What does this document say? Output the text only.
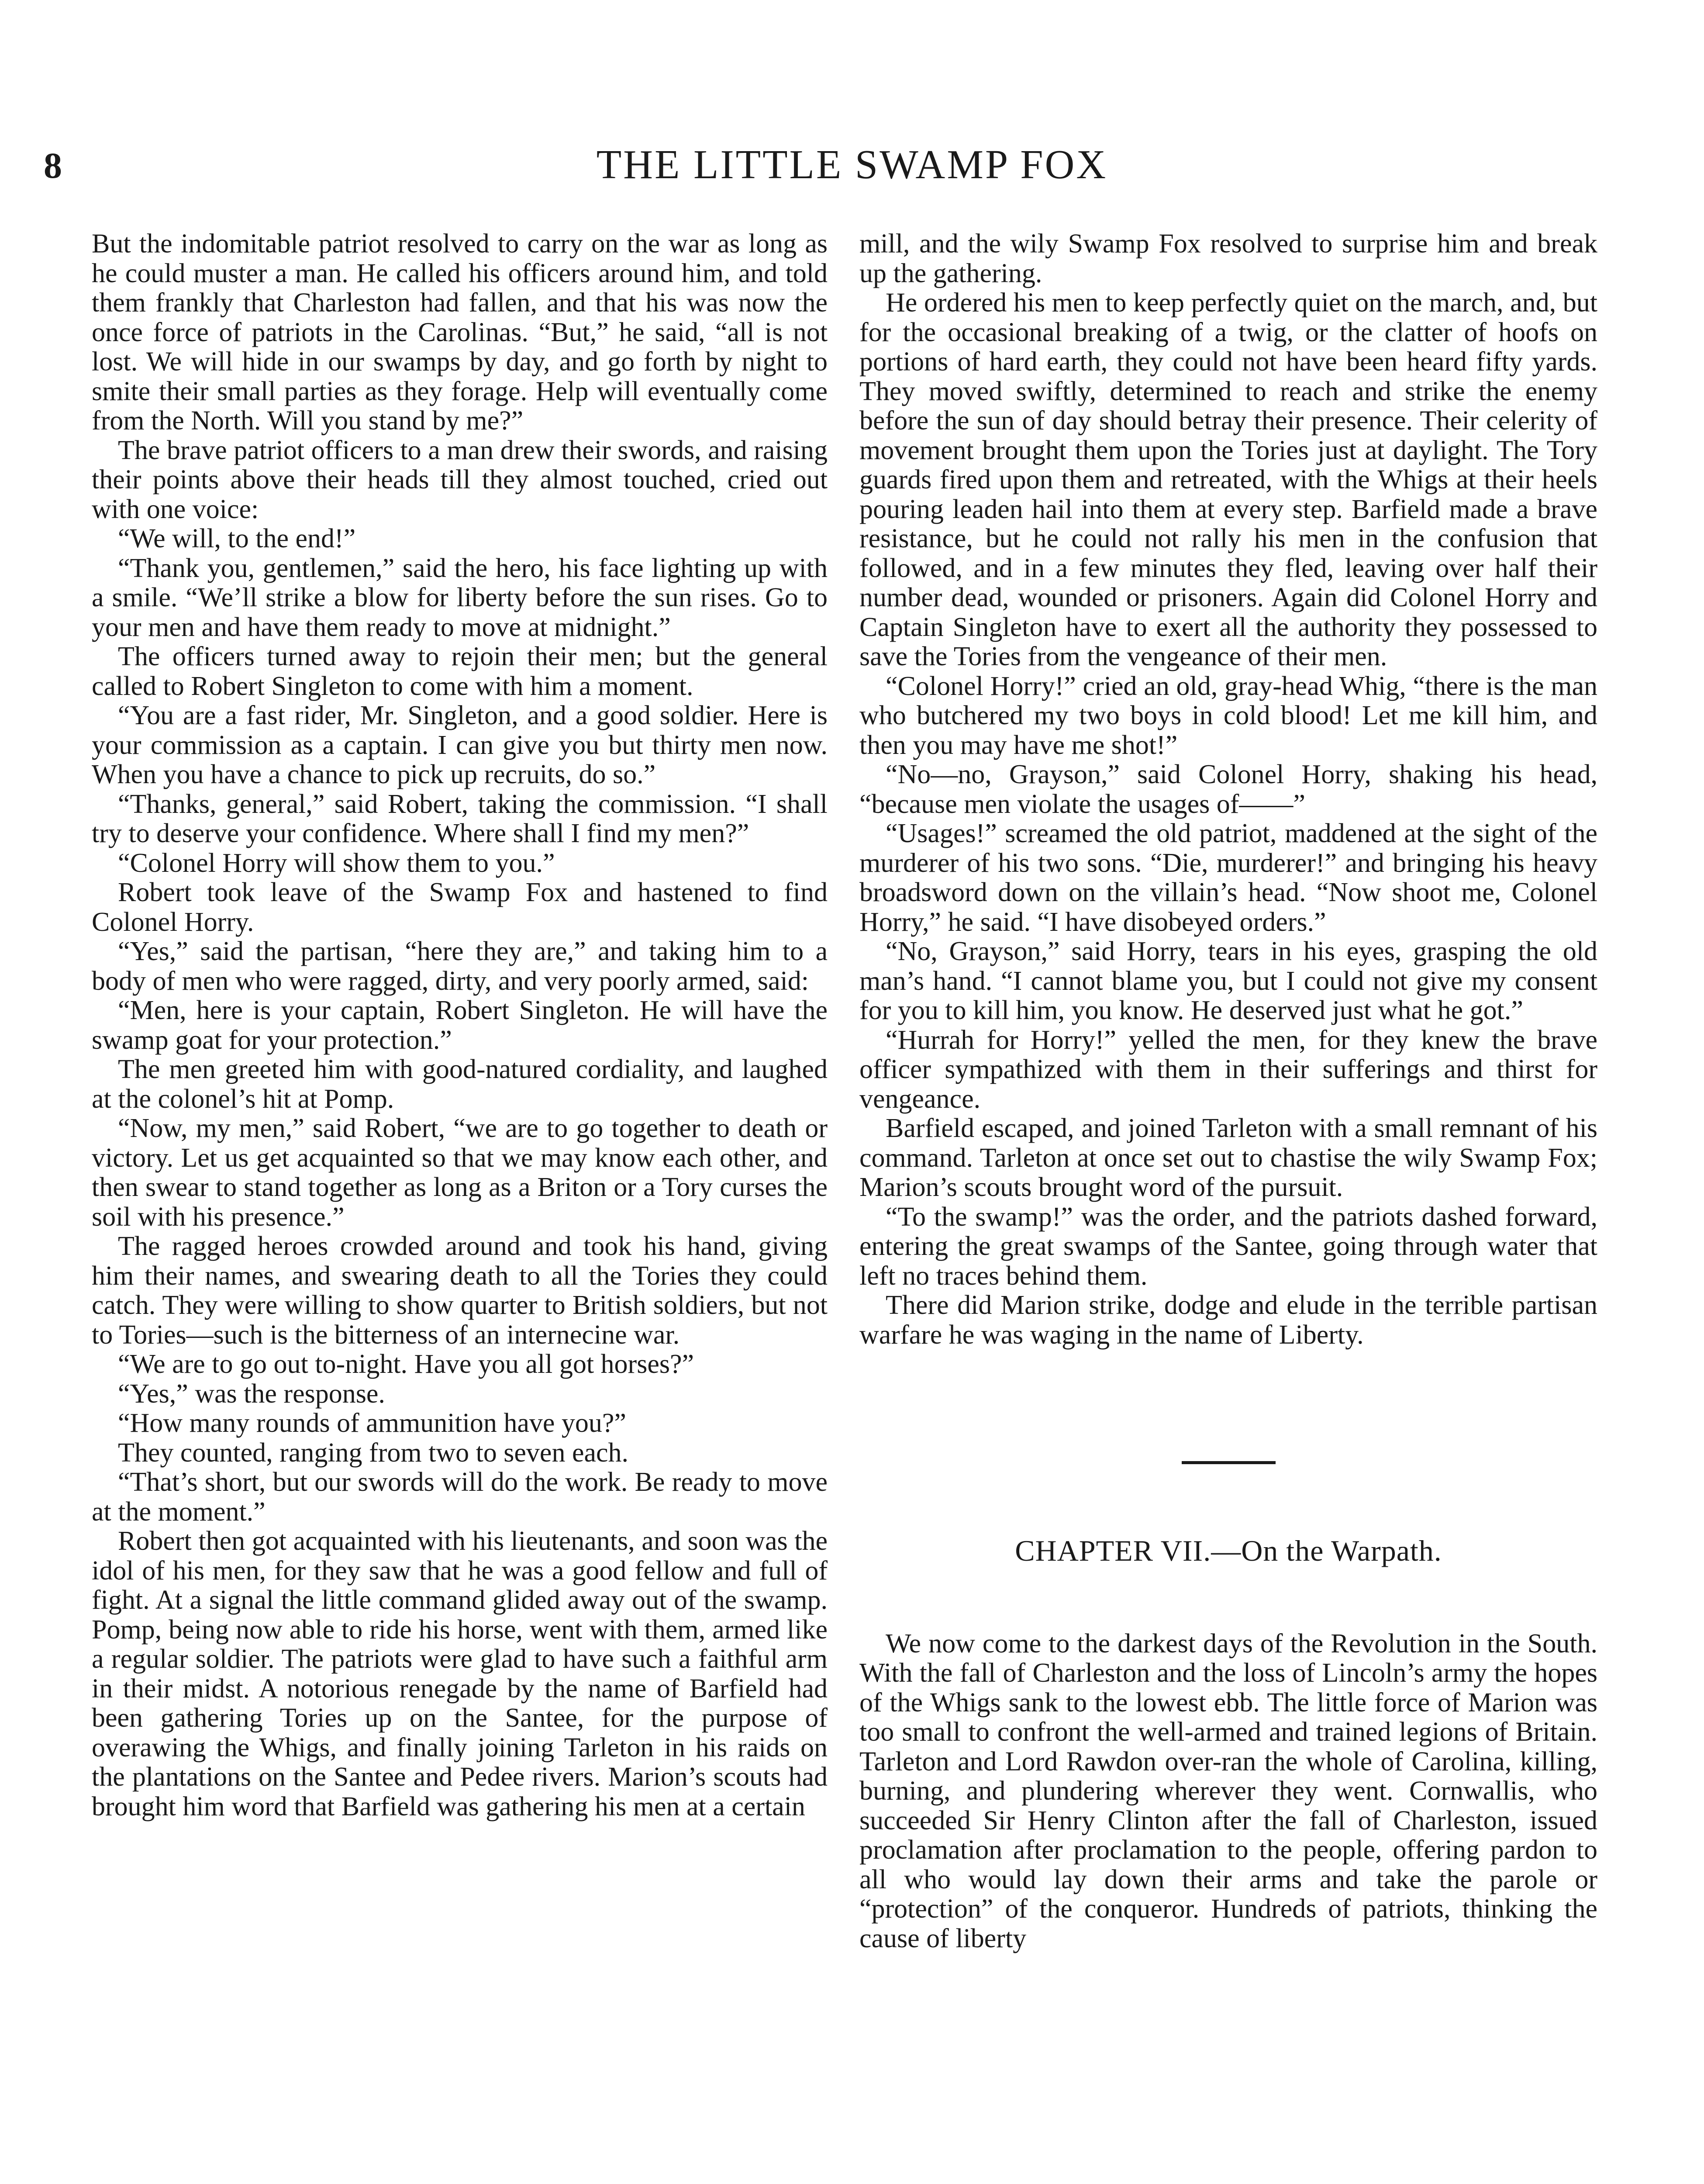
8	THE LITTLE SWAMP FOX

But the indomitable patriot resolved to carry on the war as long as he could muster a man. He called his officers around him, and told them frankly that Charleston had fallen, and that his was now the once force of patriots in the Carolinas. “But,” he said, “all is not lost. We will hide in our swamps by day, and go forth by night to smite their small parties as they forage. Help will eventually come from the North. Will you stand by me?”

The brave patriot officers to a man drew their swords, and raising their points above their heads till they almost touched, cried out with one voice:

“We will, to the end!”

“Thank you, gentlemen,” said the hero, his face lighting up with a smile. “We’ll strike a blow for liberty before the sun rises. Go to your men and have them ready to move at midnight.”

The officers turned away to rejoin their men; but the general called to Robert Singleton to come with him a moment.

“You are a fast rider, Mr. Singleton, and a good soldier. Here is your commission as a captain. I can give you but thirty men now. When you have a chance to pick up recruits, do so.”

“Thanks, general,” said Robert, taking the commission. “I shall try to deserve your confidence. Where shall I find my men?”

“Colonel Horry will show them to you.”

Robert took leave of the Swamp Fox and hastened to find Colonel Horry.

“Yes,” said the partisan, “here they are,” and taking him to a body of men who were ragged, dirty, and very poorly armed, said:

“Men, here is your captain, Robert Singleton. He will have the swamp goat for your protection.”

The men greeted him with good-natured cordiality, and laughed at the colonel’s hit at Pomp.

“Now, my men,” said Robert, “we are to go together to death or victory. Let us get acquainted so that we may know each other, and then swear to stand together as long as a Briton or a Tory curses the soil with his presence.”

The ragged heroes crowded around and took his hand, giving him their names, and swearing death to all the Tories they could catch. They were willing to show quarter to British soldiers, but not to Tories—such is the bitterness of an internecine war.

“We are to go out to-night. Have you all got horses?”

“Yes,” was the response.

“How many rounds of ammunition have you?”

They counted, ranging from two to seven each.

“That’s short, but our swords will do the work. Be ready to move at the moment.”

Robert then got acquainted with his lieutenants, and soon was the idol of his men, for they saw that he was a good fellow and full of fight. At a signal the little command glided away out of the swamp. Pomp, being now able to ride his horse, went with them, armed like a regular soldier. The patriots were glad to have such a faithful arm in their midst. A notorious renegade by the name of Barfield had been gathering Tories up on the Santee, for the purpose of overawing the Whigs, and finally joining Tarleton in his raids on the plantations on the Santee and Pedee rivers. Marion’s scouts had brought him word that Barfield was gathering his men at a certain

mill, and the wily Swamp Fox resolved to surprise him and break up the gathering.

He ordered his men to keep perfectly quiet on the march, and, but for the occasional breaking of a twig, or the clatter of hoofs on portions of hard earth, they could not have been heard fifty yards. They moved swiftly, determined to reach and strike the enemy before the sun of day should betray their presence. Their celerity of movement brought them upon the Tories just at daylight. The Tory guards fired upon them and retreated, with the Whigs at their heels pouring leaden hail into them at every step. Barfield made a brave resistance, but he could not rally his men in the confusion that followed, and in a few minutes they fled, leaving over half their number dead, wounded or prisoners. Again did Colonel Horry and Captain Singleton have to exert all the authority they possessed to save the Tories from the vengeance of their men.

“Colonel Horry!” cried an old, gray-head Whig, “there is the man who butchered my two boys in cold blood! Let me kill him, and then you may have me shot!”

“No—no, Grayson,” said Colonel Horry, shaking his head, “because men violate the usages of——”

“Usages!” screamed the old patriot, maddened at the sight of the murderer of his two sons. “Die, murderer!” and bringing his heavy broadsword down on the villain’s head. “Now shoot me, Colonel Horry,” he said. “I have disobeyed orders.”

“No, Grayson,” said Horry, tears in his eyes, grasping the old man’s hand. “I cannot blame you, but I could not give my consent for you to kill him, you know. He deserved just what he got.”

“Hurrah for Horry!” yelled the men, for they knew the brave officer sympathized with them in their sufferings and thirst for vengeance.

Barfield escaped, and joined Tarleton with a small remnant of his command. Tarleton at once set out to chastise the wily Swamp Fox; Marion’s scouts brought word of the pursuit.

“To the swamp!” was the order, and the patriots dashed forward, entering the great swamps of the Santee, going through water that left no traces behind them.

There did Marion strike, dodge and elude in the terrible partisan warfare he was waging in the name of Liberty.

CHAPTER VII.—On the Warpath.

We now come to the darkest days of the Revolution in the South. With the fall of Charleston and the loss of Lincoln’s army the hopes of the Whigs sank to the lowest ebb. The little force of Marion was too small to confront the well-armed and trained legions of Britain. Tarleton and Lord Rawdon over-ran the whole of Carolina, killing, burning, and plundering wherever they went. Cornwallis, who succeeded Sir Henry Clinton after the fall of Charleston, issued proclamation after proclamation to the people, offering pardon to all who would lay down their arms and take the parole or “protection” of the conqueror. Hundreds of patriots, thinking the cause of liberty
